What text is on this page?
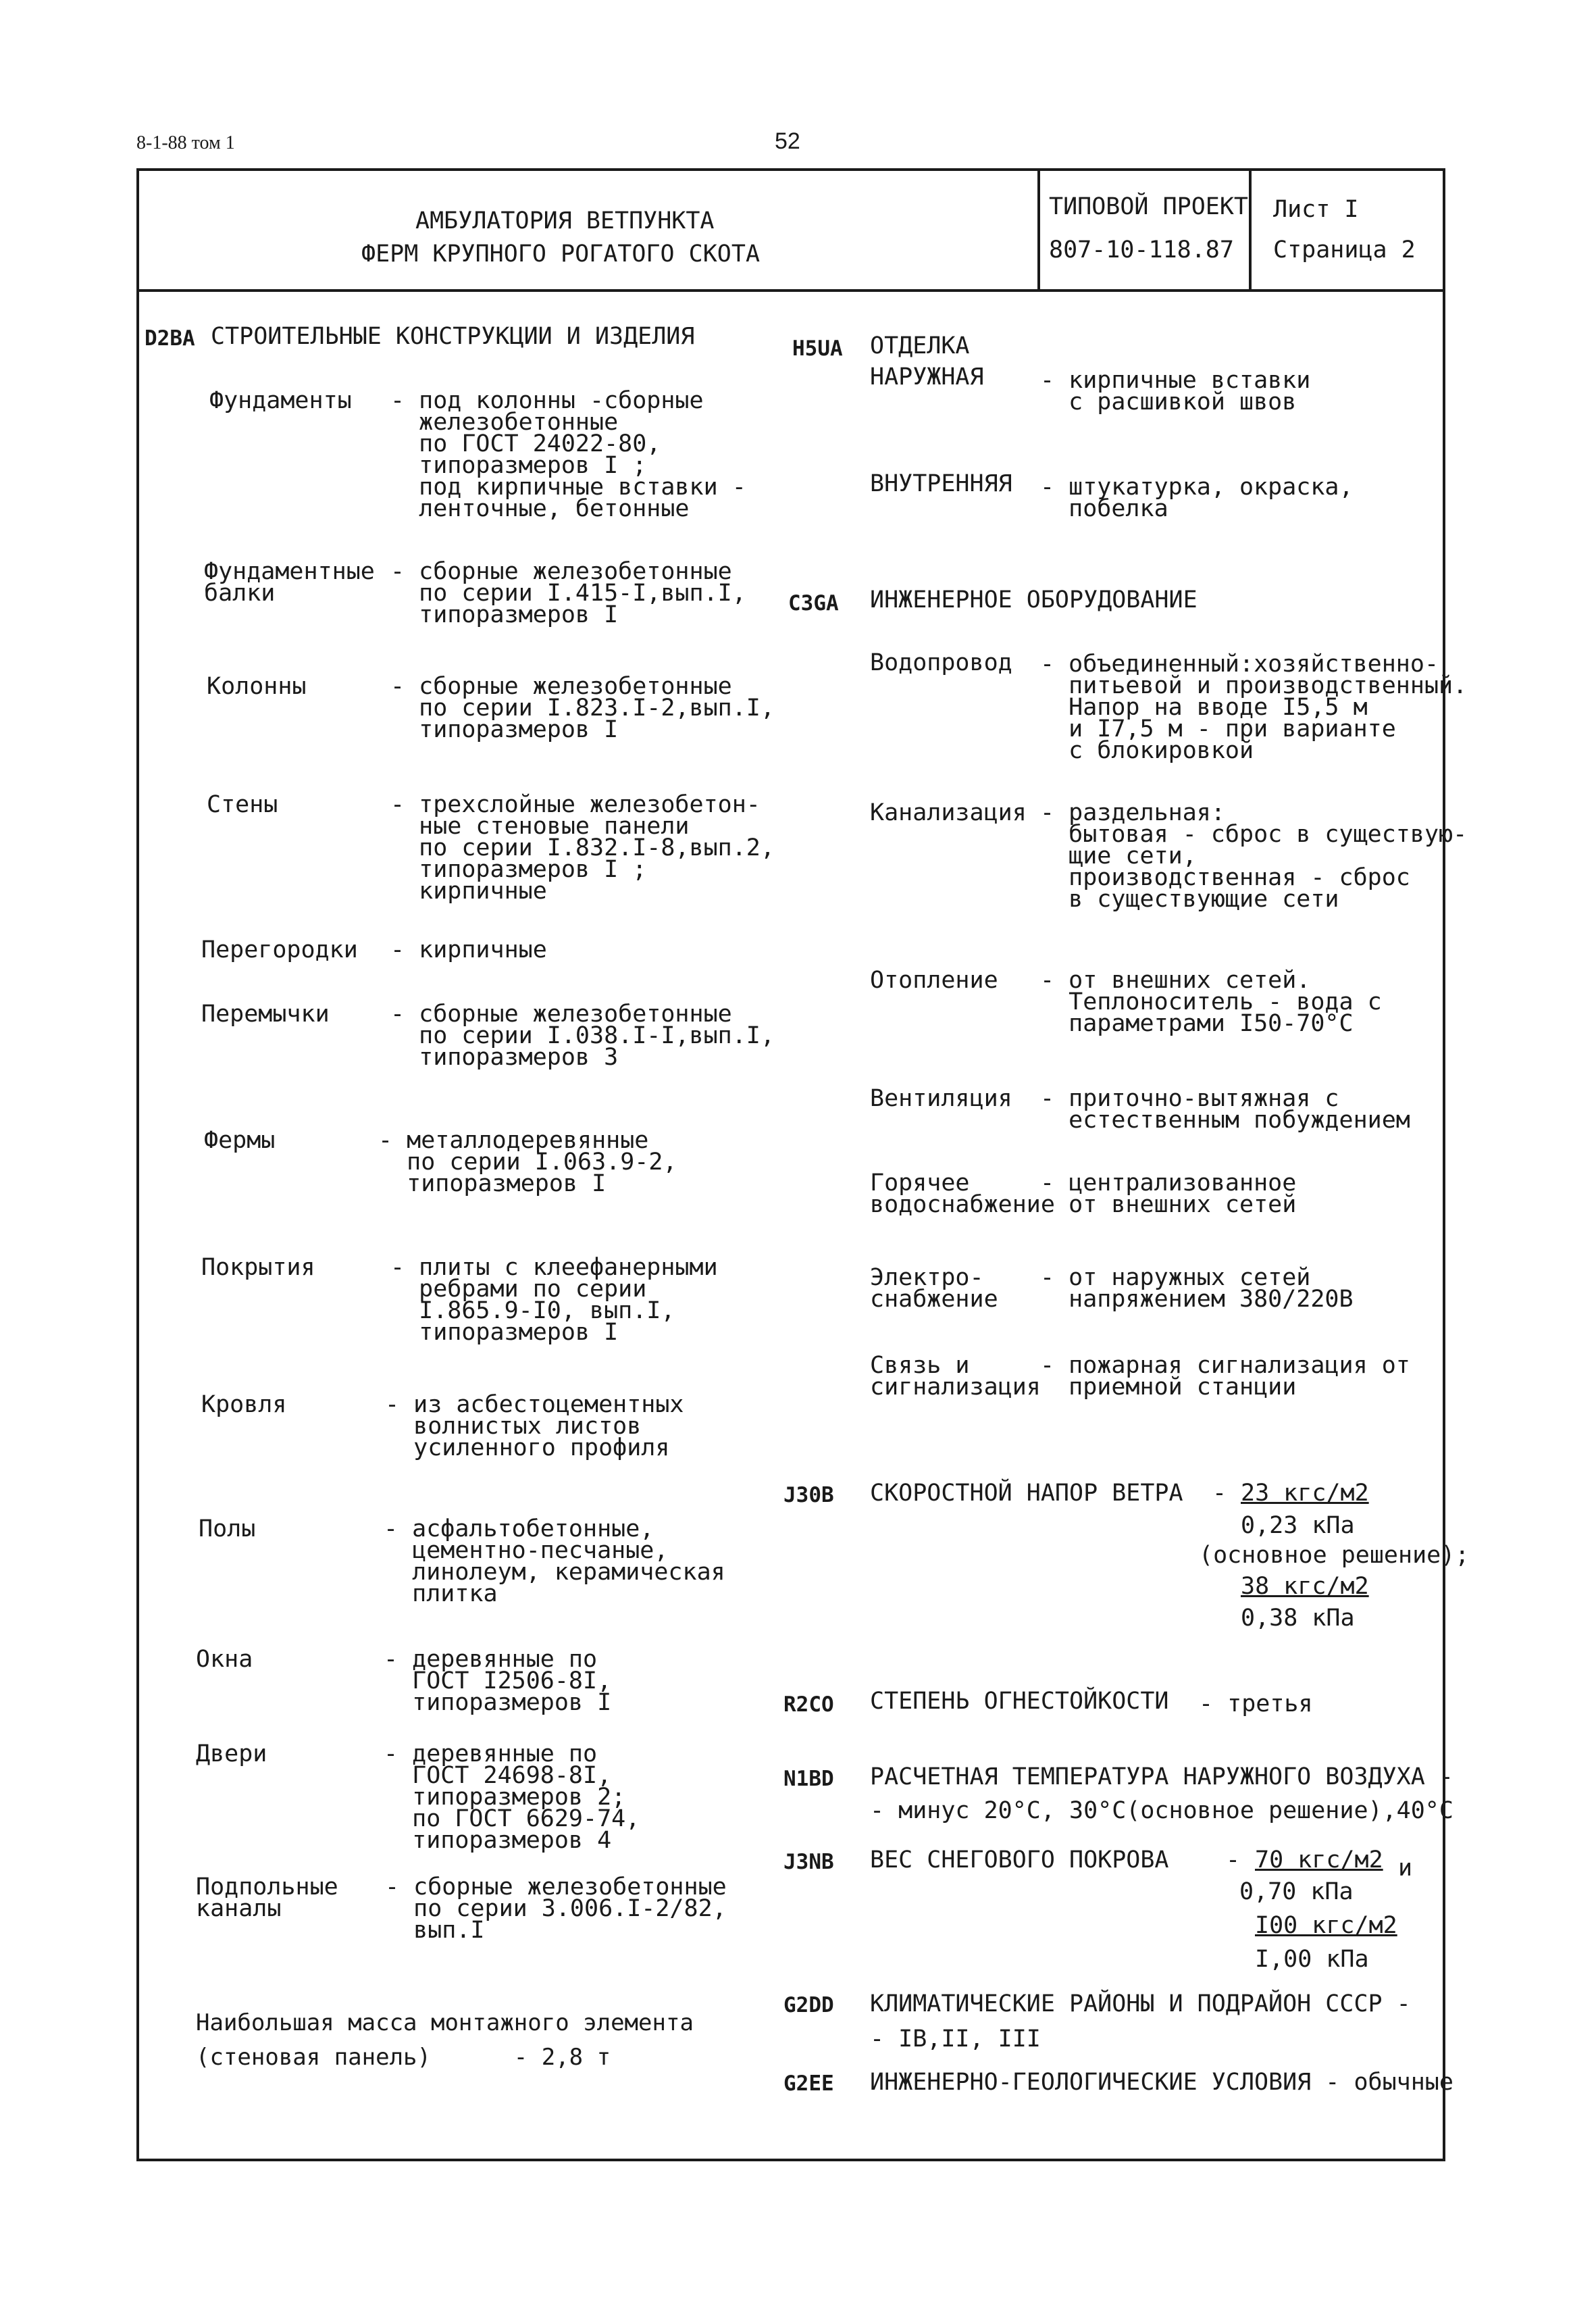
8-1-88 том 1	52
АМБУЛАТОРИЯ ВЕТПУНКТА
ФЕРМ КРУПНОГО РОГАТОГО СКОТА
ТИПОВОЙ ПРОЕКТ
807-10-118.87
Лист I
Страница 2
D2ВА СТРОИТЕЛЬНЫЕ КОНСТРУКЦИИ И ИЗДЕЛИЯ
Фундаменты - под колонны -сборные
железобетонные
по ГОСТ 24022-80,
типоразмеров I ;
под кирпичные вставки -
ленточные, бетонные
Фундаментные
балки
- сборные железобетонные
по серии I.415-I,вып.I,
типоразмеров I
Колонны	- сборные железобетонные
по серии I.823.I-2,вып.I,
типоразмеров I
Стены	- трехслойные железобетон-
ные стеновые панели
по серии I.832.I-8,вып.2,
типоразмеров I ;
кирпичные
Перегородки - кирпичные
Перемычки	- сборные железобетонные
по серии I.038.I-I,вып.I,
типоразмеров 3
Фермы	- металлодеревянные
по серии I.063.9-2,
типоразмеров I
Покрытия	- плиты с клеефанерными
ребрами по серии
I.865.9-I0, вып.I,
типоразмеров I
Кровля	- из асбестоцементных
волнистых листов
усиленного профиля
Полы	- асфальтобетонные,
цементно-песчаные,
линолеум, керамическая
плитка
Окна	- деревянные по
ГОСТ I2506-8I,
типоразмеров I
Двери	- деревянные по
ГОСТ 24698-8I,
типоразмеров 2;
по ГОСТ 6629-74,
типоразмеров 4
Подпольные
каналы
- сборные железобетонные
по серии 3.006.I-2/82,
вып.I
Наибольшая масса монтажного элемента
(стеновая панель)      - 2,8 т
Н5UА ОТДЕЛКА
НАРУЖНАЯ - кирпичные вставки
с расшивкой швов
ВНУТРЕННЯЯ - штукатурка, окраска,
побелка
С3GА ИНЖЕНЕРНОЕ ОБОРУДОВАНИЕ
Водопровод - объединенный:хозяйственно-
питьевой и производственный.
Напор на вводе I5,5 м
и I7,5 м - при варианте
с блокировкой
Канализация - раздельная:
бытовая - сброс в существую-
щие сети,
производственная - сброс
в существующие сети
Отопление - от внешних сетей.
Теплоноситель - вода с
параметрами I50-70°С
Вентиляция - приточно-вытяжная с
естественным побуждением
Горячее
водоснабжение
- централизованное
от внешних сетей
Электро-
снабжение
- от наружных сетей
напряжением 380/220В
Связь и
сигнализация
- пожарная сигнализация от
приемной станции
J30В СКОРОСТНОЙ НАПОР ВЕТРА - 23 кгс/м2
0,23 кПа
(основное решение);
38 кгс/м2
0,38 кПа
R2СО СТЕПЕНЬ ОГНЕСТОЙКОСТИ - третья
N1ВD РАСЧЕТНАЯ ТЕМПЕРАТУРА НАРУЖНОГО ВОЗДУХА -
- минус 20°С, 30°С(основное решение),40°С
J3NВ ВЕС СНЕГОВОГО ПОКРОВА - 70 кгс/м2 и
0,70 кПа
I00 кгс/м2
I,00 кПа
G2DD КЛИМАТИЧЕСКИЕ РАЙОНЫ И ПОДРАЙОН СССР -
- IВ,II, III
G2ЕЕ ИНЖЕНЕРНО-ГЕОЛОГИЧЕСКИЕ УСЛОВИЯ - обычные
